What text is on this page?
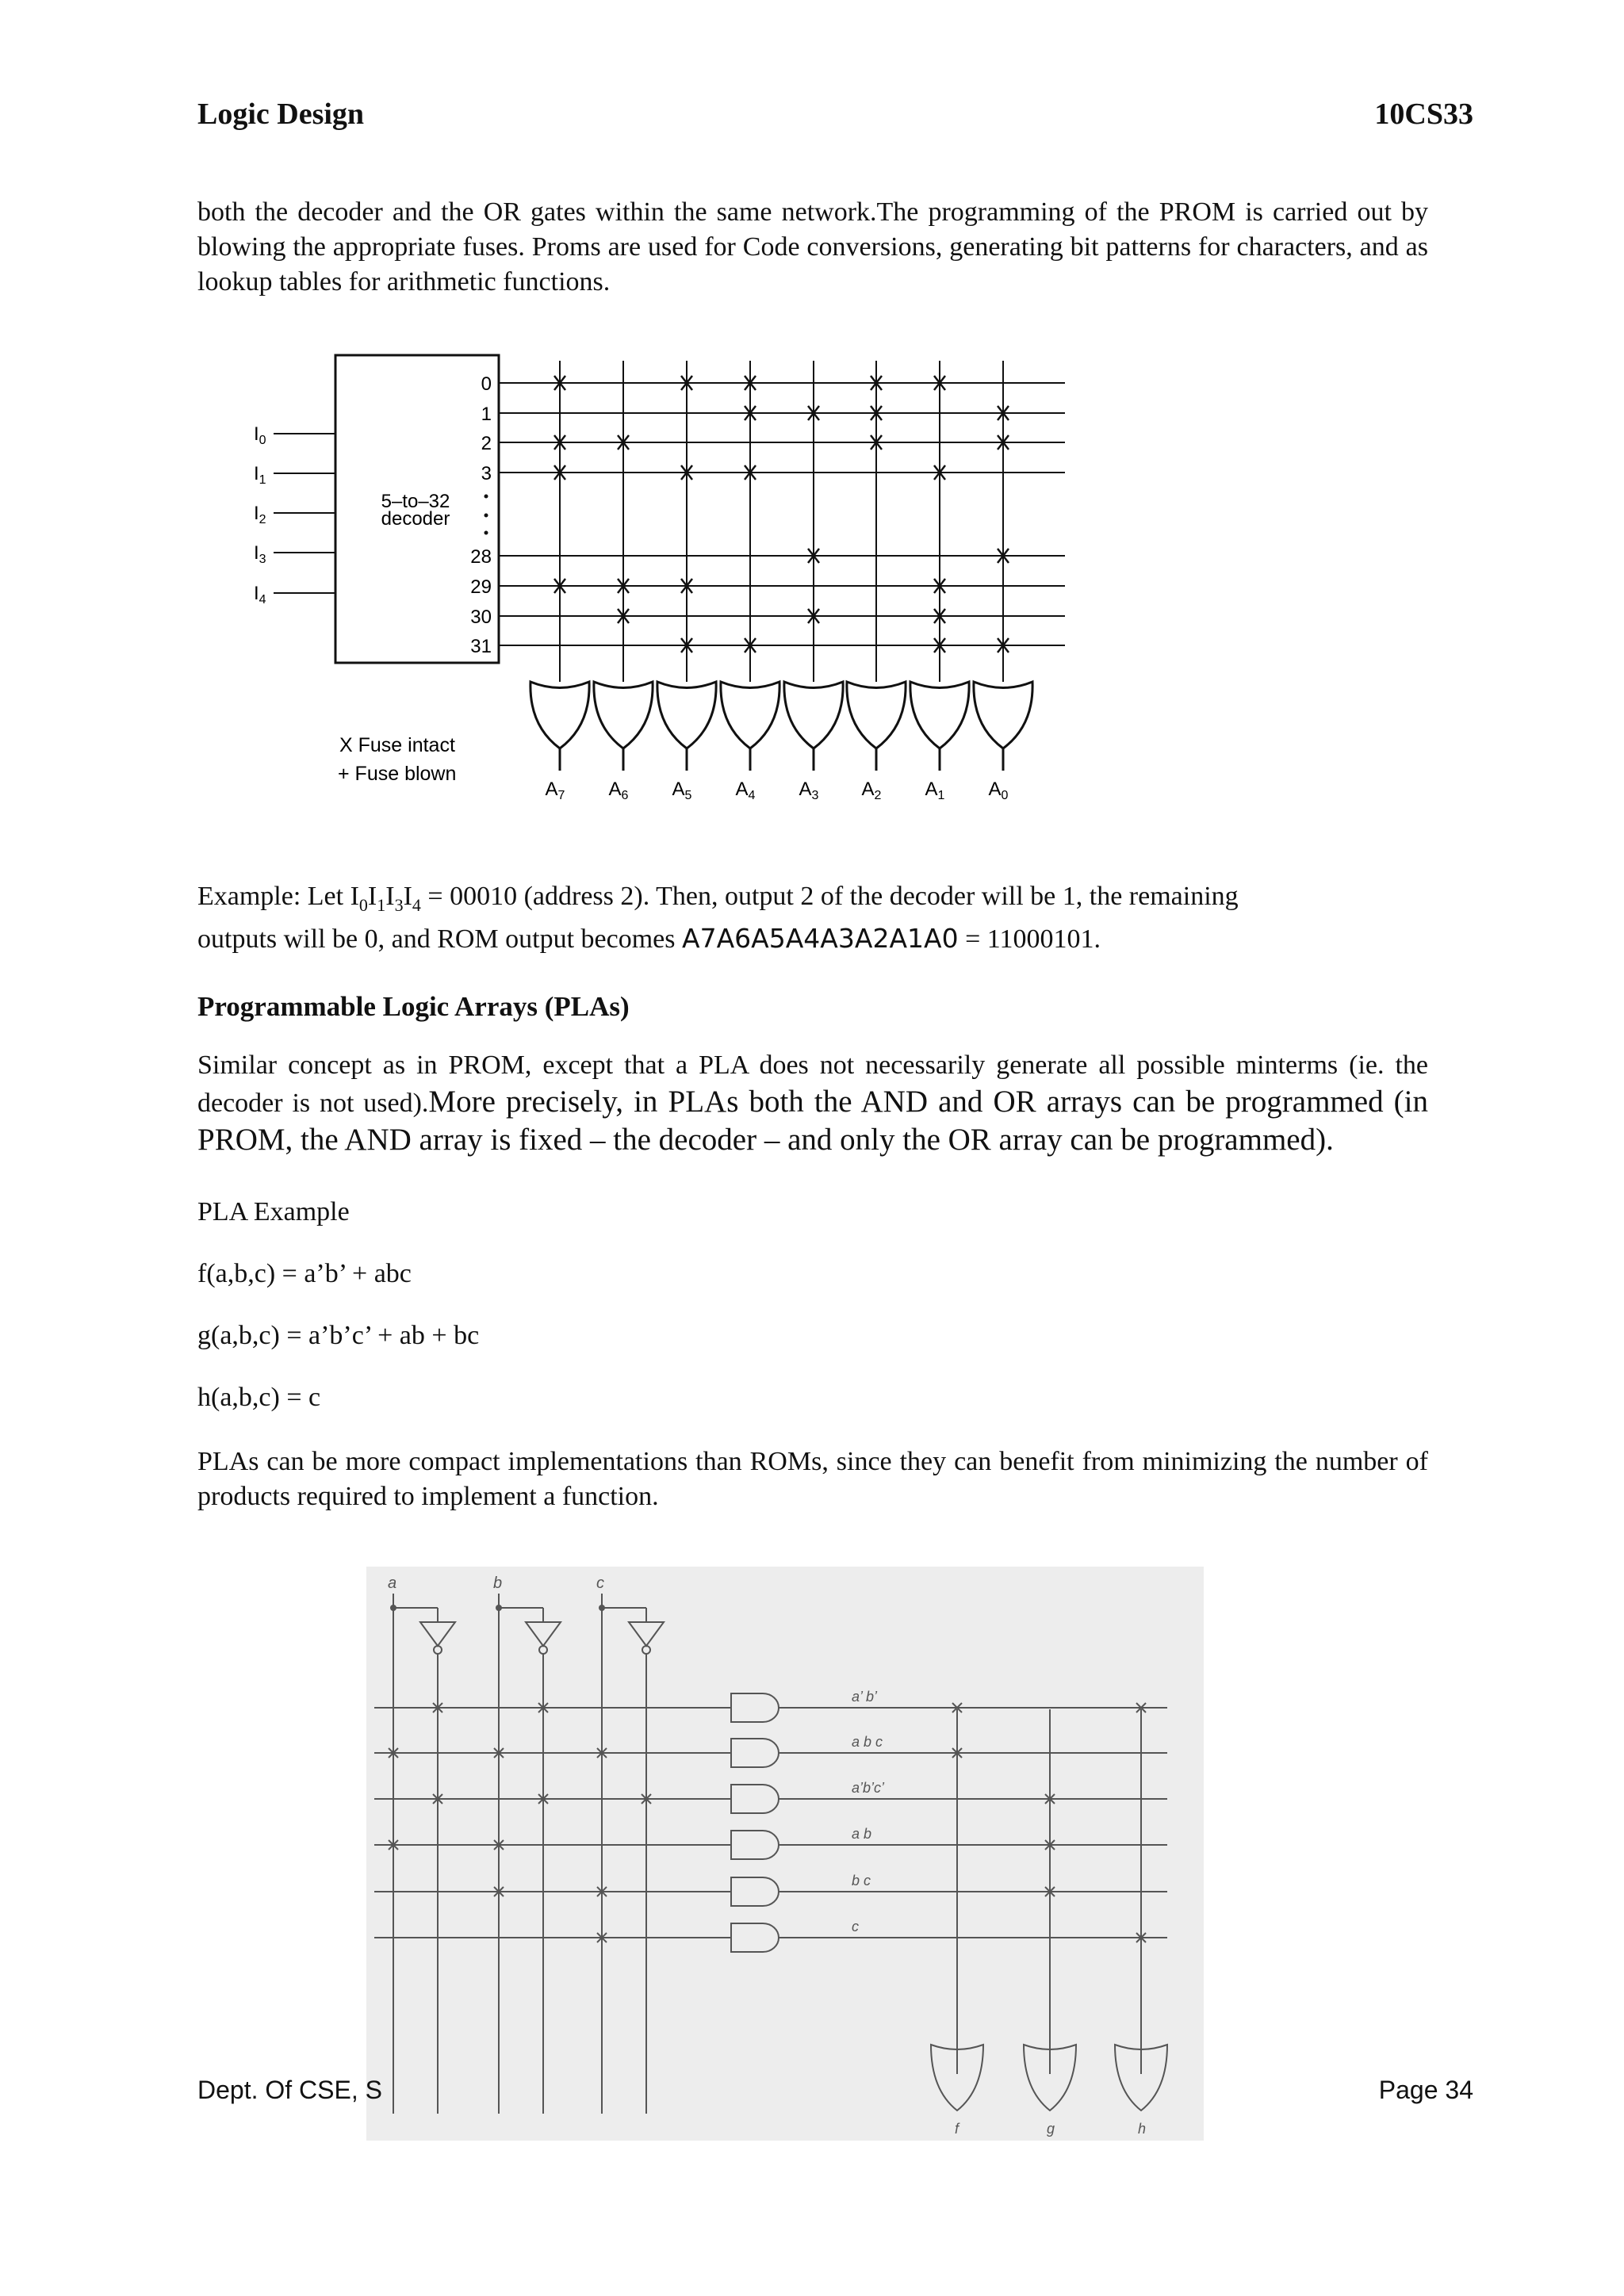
Logic Design	10CS33
both the decoder and the OR gates within the same network.The programming of the PROM is carried out by blowing the appropriate fuses. Proms are used for Code conversions, generating bit patterns for characters, and as lookup tables for arithmetic functions.
5–to–32
decoder
$I_0$
$I_1$
$I_2$
$I_3$
$I_4$
0
1
2
3
28
29
30
31
$A_7$ $A_6$ $A_5$ $A_4$ $A_3$ $A_2$ $A_1$ $A_0$
X Fuse intact
+ Fuse blown
Example: Let $I_0I_1I_3I_4 = 00010$ (address 2). Then, output 2 of the decoder will be 1, the remaining
outputs will be 0, and ROM output becomes A7A6A5A4A3A2A1A0 = 11000101.
Programmable Logic Arrays (PLAs)
Similar concept as in PROM, except that a PLA does not necessarily generate all possible minterms (ie. the decoder is not used).More precisely, in PLAs both the AND and OR arrays can be programmed (in PROM, the AND array is fixed – the decoder – and only the OR array can be programmed).
PLA Example
f(a,b,c) = a’b’ + abc
g(a,b,c) = a’b’c’ + ab + bc
h(a,b,c) = c
PLAs can be more compact implementations than ROMs, since they can benefit from minimizing the number of products required to implement a function.
a	b	c
a’ b’
a b c
a’b’c’
a b
b c
c
f	g	h
Dept. Of CSE, S	Page 34
